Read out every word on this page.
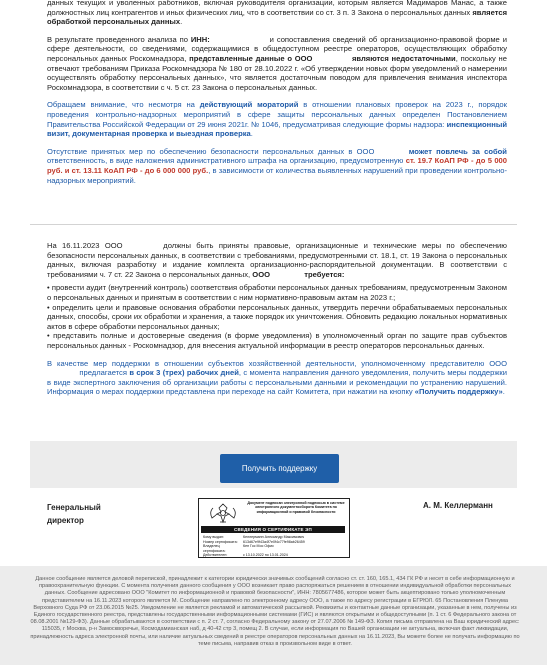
данных текущих и уволенных работников, включая руководителя организации, которым является Мадимаров Манас, а также должностных лиц контрагентов и иных физических лиц, что в соответствии со ст. 3 п. 3 Закона о персональных данных является обработкой персональных данных.

В результате проведенного анализа по ИНН:	и сопоставления сведений об организационно-правовой форме и сфере деятельности, со сведениями, содержащимися в общедоступном реестре операторов, осуществляющих обработку персональных данных Роскомнадзора, представленные данные о ООО	являются недостаточными, поскольку не отвечают требованиям Приказа Роскомнадзора № 180 от 28.10.2022 г. «Об утверждении новых форм уведомлений о намерении осуществлять обработку персональных данных», что является достаточным поводом для привлечения внимания инспектора Роскомнадзора, в соответствии с ч. 5 ст. 23 Закона о персональных данных.

Обращаем внимание, что несмотря на действующий мораторий в отношении плановых проверок на 2023 г., порядок проведения контрольно-надзорных мероприятий в сфере защиты персональных данных определен Постановлением Правительства Российской Федерации от 29 июня 2021г. № 1046, предусматривая следующие формы надзора: инспекционный визит, документарная проверка и выездная проверка.

Отсутствие принятых мер по обеспечению безопасности персональных данных в ООО	может повлечь за собой ответственность, в виде наложения административного штрафа на организацию, предусмотренную ст. 19.7 КоАП РФ - до 5 000 руб. и ст. 13.11 КоАП РФ - до 6 000 000 руб., в зависимости от количества выявленных нарушений при проведении контрольно-надзорных мероприятий.

На 16.11.2023 ООО	должны быть приняты правовые, организационные и технические меры по обеспечению безопасности персональных данных, в соответствии с требованиями, предусмотренными ст. 18.1, ст. 19 Закона о персональных данных, включая разработку и издание комплекта организационно-распорядительной документации. В соответствии с требованиями ч. 7 ст. 22 Закона о персональных данных, ООО	требуется:

• провести аудит (внутренний контроль) соответствия обработки персональных данных требованиям, предусмотренным Законом о персональных данных и принятым в соответствии с ним нормативно-правовым актам на 2023 г.;

• определить цели и правовые основания обработки персональных данных, утвердить перечни обрабатываемых персональных данных, способы, сроки их обработки и хранения, а также порядок их уничтожения. Обновить редакцию локальных нормативных актов в сфере обработки персональных данных;

• представить полные и достоверные сведения (в форме уведомления) в уполномоченный орган по защите прав субъектов персональных данных - Роскомнадзор, для внесения актуальной информации в реестр операторов персональных данных.

В качестве мер поддержки в отношении субъектов хозяйственной деятельности, уполномоченному представителю ООО  предлагается в срок 3 (трех) рабочих дней, с момента направления данного уведомления, получить меры поддержки в виде экспертного заключения об организации работы с персональными данными и рекомендации по устранению нарушений. Информация о мерах поддержки представлена при переходе на сайт Комитета, при нажатии на кнопку «Получить поддержку».

Получить поддержку
Генеральный
директор
Документ подписан электронной подписью в системе электронного документооборота Комитета по информационной и правовой безопасности
СВЕДЕНИЯ О СЕРТИФИКАТЕ ЭП
Кому выдан:	Келлерманн Александр Максимович
Номер сертификата:	613d67e9f43a4f7e0f4c77fe98ab26459
Владелец сертификата:
Кеп Гос Мос Офис
Действителен:	с 13.10.2022 по 13.01.2024
А. М. Келлерманн
Данное сообщение является деловой перепиской, принадлежит к категории юридически значимых сообщений согласно ст. ст. 160, 165.1, 434 ГК РФ и несет в себе информационную и правоохранительную функции. С момента получения данного сообщения у ООО возникает право распоряжаться решением в отношении индивидуальной обработки персональных данных. Сообщение адресовано ООО "Комитет по информационной и правовой безопасности", ИНН: 7805677486, которое может быть акцептировано только уполномоченным представителем на 16.11.2023 которого является М. Сообщение направлено по электронному адресу ООО, а также по адресу регистрации в ЕГРЮЛ. 65 Постановления Пленума Верховного Суда РФ от 23.06.2015 №25. Уведомление не является рекламой и автоматической рассылкой. Реквизиты и контактные данные организации, указанные в нем, получены из Единого государственного реестра, представлены государственными информационными системами (ГИС) и являются открытыми и общедоступными (п. 1 ст. 6 Федерального закона от 08.08.2001 №129-ФЗ). Данные обрабатываются в соответствии с п. 2 ст. 7, согласно Федеральному закону от 27.07.2006 № 149-ФЗ. Копия письма отправлена на Ваш юридический адрес: 115035, г Москва, р-н Замоскворечье, Космодамианская наб, д 40-42 стр 3, помещ 2. В случае, если информация по Вашей организации не актуальна, включая факт ликвидации, принадлежность адреса электронной почты, или наличие актуальных сведений в реестре операторов персональных данных на 16.11.2023, Вы можете более не получать информацию по теме письма, направив отказ в произвольном виде в ответ.
